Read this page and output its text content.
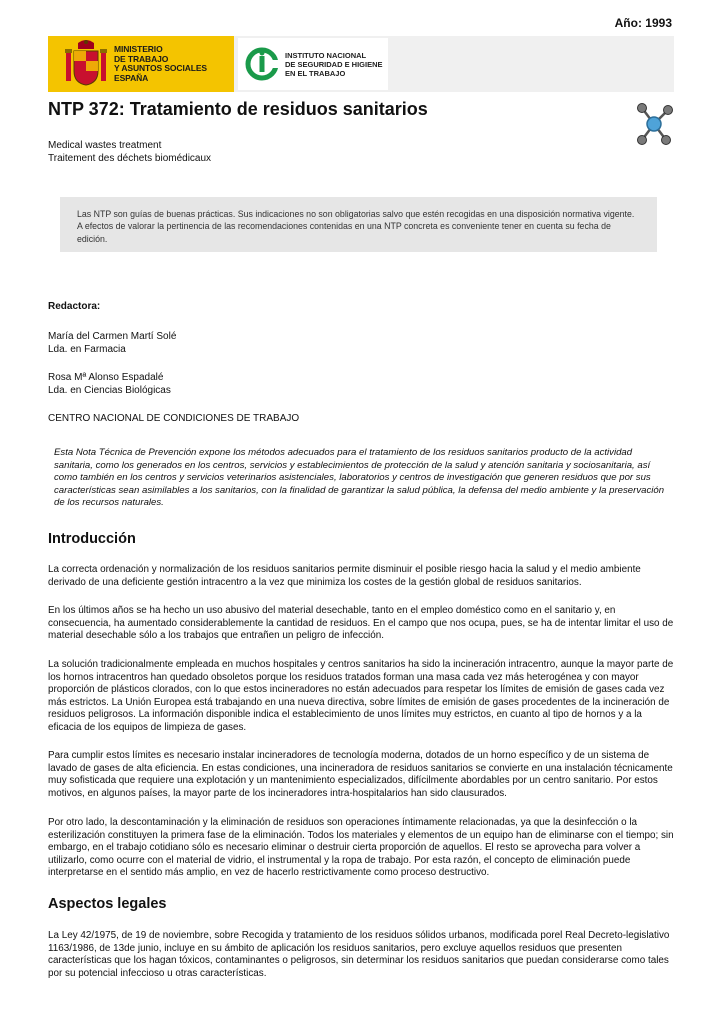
Año: 1993
MINISTERIO
DE TRABAJO
Y ASUNTOS SOCIALES
ESPAÑA
INSTITUTO NACIONAL
DE SEGURIDAD E HIGIENE
EN EL TRABAJO
NTP 372: Tratamiento de residuos sanitarios
Medical wastes treatment
Traitement des déchets biomédicaux

Las NTP son guías de buenas prácticas. Sus indicaciones no son obligatorias salvo que estén recogidas en una disposición normativa vigente. A efectos de valorar la pertinencia de las recomendaciones contenidas en una NTP concreta es conveniente tener en cuenta su fecha de edición.

Redactora:
María del Carmen Martí Solé
Lda. en Farmacia
Rosa Mª Alonso Espadalé
Lda. en Ciencias Biológicas
CENTRO NACIONAL DE CONDICIONES DE TRABAJO

Esta Nota Técnica de Prevención expone los métodos adecuados para el tratamiento de los residuos sanitarios producto de la actividad sanitaria, como los generados en los centros, servicios y establecimientos de protección de la salud y atención sanitaria y sociosanitaria, así como también en los centros y servicios veterinarios asistenciales, laboratorios y centros de investigación que generen residuos que por sus características sean asimilables a los sanitarios, con la finalidad de garantizar la salud pública, la defensa del medio ambiente y la preservación de los recursos naturales.

Introducción

La correcta ordenación y normalización de los residuos sanitarios permite disminuir el posible riesgo hacia la salud y el medio ambiente derivado de una deficiente gestión intracentro a la vez que minimiza los costes de la gestión global de residuos sanitarios.

En los últimos años se ha hecho un uso abusivo del material desechable, tanto en el empleo doméstico como en el sanitario y, en consecuencia, ha aumentado considerablemente la cantidad de residuos. En el campo que nos ocupa, pues, se ha de intentar limitar el uso de material desechable sólo a los trabajos que entrañen un peligro de infección.

La solución tradicionalmente empleada en muchos hospitales y centros sanitarios ha sido la incineración intracentro, aunque la mayor parte de los hornos intracentros han quedado obsoletos porque los residuos tratados forman una masa cada vez más heterogénea y con mayor proporción de plásticos clorados, con lo que estos incineradores no están adecuados para respetar los límites de emisión de gases cada vez más estrictos. La Unión Europea está trabajando en una nueva directiva, sobre límites de emisión de gases procedentes de la incineración de residuos peligrosos. La información disponible indica el establecimiento de unos límites muy estrictos, en cuanto al tipo de hornos y a la eficacia de los equipos de limpieza de gases.

Para cumplir estos límites es necesario instalar incineradores de tecnología moderna, dotados de un horno específico y de un sistema de lavado de gases de alta eficiencia. En estas condiciones, una incineradora de residuos sanitarios se convierte en una instalación técnicamente muy sofisticada que requiere una explotación y un mantenimiento especializados, difícilmente abordables por un centro sanitario. Por estos motivos, en algunos países, la mayor parte de los incineradores intra-hospitalarios han sido clausurados.

Por otro lado, la descontaminación y la eliminación de residuos son operaciones íntimamente relacionadas, ya que la desinfección o la esterilización constituyen la primera fase de la eliminación. Todos los materiales y elementos de un equipo han de eliminarse con el tiempo; sin embargo, en el trabajo cotidiano sólo es necesario eliminar o destruir cierta proporción de aquellos. El resto se aprovecha para volver a utilizarlo, como ocurre con el material de vidrio, el instrumental y la ropa de trabajo. Por esta razón, el concepto de eliminación puede interpretarse en el sentido más amplio, en vez de hacerlo restrictivamente como proceso destructivo.

Aspectos legales

La Ley 42/1975, de 19 de noviembre, sobre Recogida y tratamiento de los residuos sólidos urbanos, modificada porel Real Decreto-legislativo 1163/1986, de 13de junio, incluye en su ámbito de aplicación los residuos sanitarios, pero excluye aquellos residuos que presenten características que los hagan tóxicos, contaminantes o peligrosos, sin determinar los residuos sanitarios que puedan considerarse como tales por su potencial infeccioso u otras características.
